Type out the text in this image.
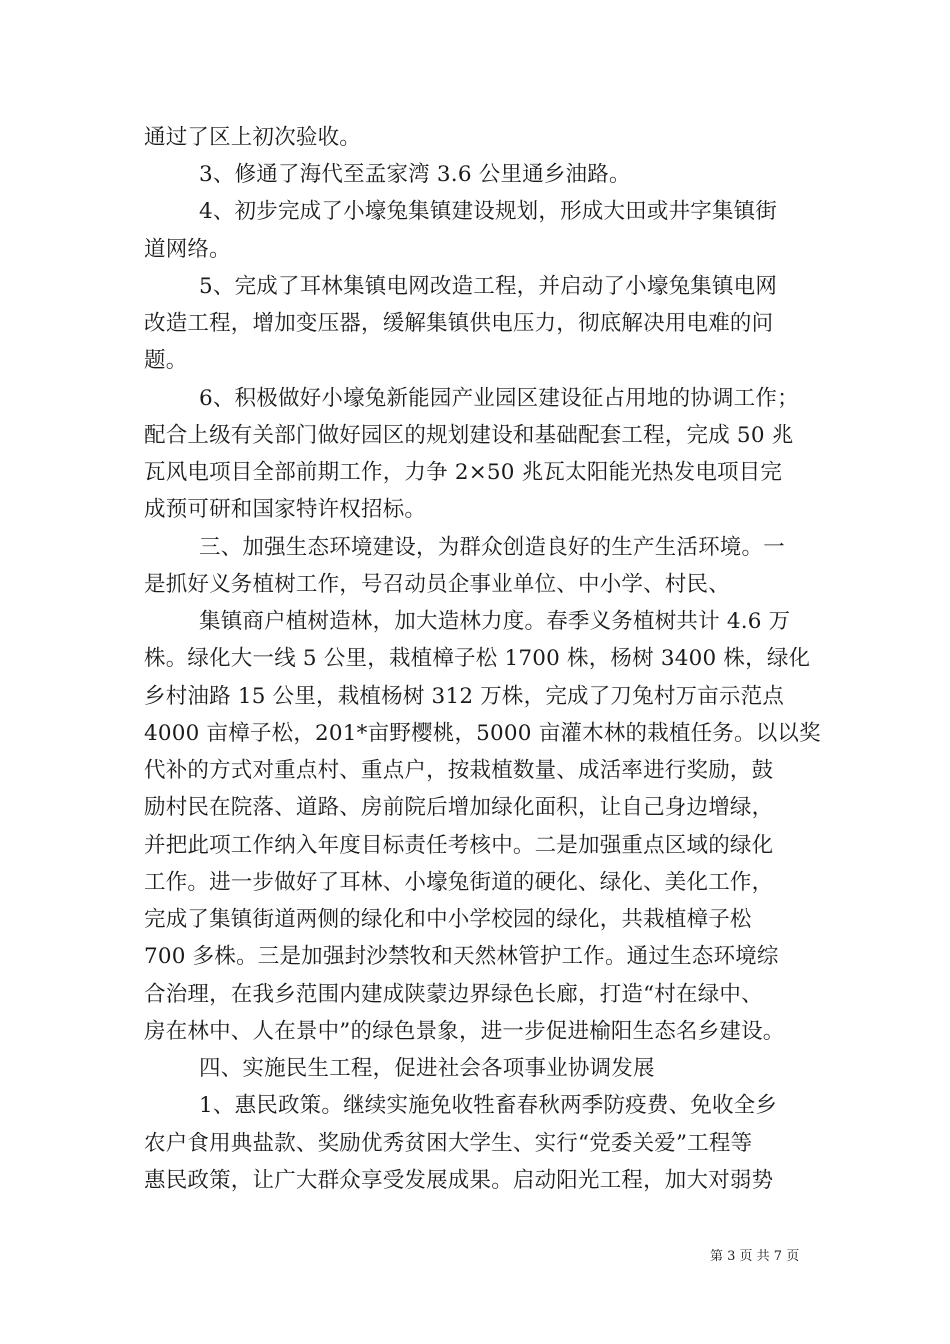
通过了区上初次验收。
3、修通了海代至孟家湾 3.6 公里通乡油路。
4、初步完成了小壕兔集镇建设规划，形成大田或井字集镇街
道网络。
5、完成了耳林集镇电网改造工程，并启动了小壕兔集镇电网
改造工程，增加变压器，缓解集镇供电压力，彻底解决用电难的问
题。
6、积极做好小壕兔新能园产业园区建设征占用地的协调工作；
配合上级有关部门做好园区的规划建设和基础配套工程，完成 50 兆
瓦风电项目全部前期工作，力争 2×50 兆瓦太阳能光热发电项目完
成预可研和国家特许权招标。
三、加强生态环境建设，为群众创造良好的生产生活环境。一
是抓好义务植树工作，号召动员企事业单位、中小学、村民、
集镇商户植树造林，加大造林力度。春季义务植树共计 4.6 万
株。绿化大一线 5 公里，栽植樟子松 1700 株，杨树 3400 株，绿化
乡村油路 15 公里，栽植杨树 312 万株，完成了刀兔村万亩示范点
4000 亩樟子松，201*亩野樱桃，5000 亩灌木林的栽植任务。以以奖
代补的方式对重点村、重点户，按栽植数量、成活率进行奖励，鼓
励村民在院落、道路、房前院后增加绿化面积，让自己身边增绿，
并把此项工作纳入年度目标责任考核中。二是加强重点区域的绿化
工作。进一步做好了耳林、小壕兔街道的硬化、绿化、美化工作，
完成了集镇街道两侧的绿化和中小学校园的绿化，共栽植樟子松
700 多株。三是加强封沙禁牧和天然林管护工作。通过生态环境综
合治理，在我乡范围内建成陕蒙边界绿色长廊，打造“村在绿中、
房在林中、人在景中”的绿色景象，进一步促进榆阳生态名乡建设。
四、实施民生工程，促进社会各项事业协调发展
1、惠民政策。继续实施免收牲畜春秋两季防疫费、免收全乡
农户食用典盐款、奖励优秀贫困大学生、实行“党委关爱”工程等
惠民政策，让广大群众享受发展成果。启动阳光工程，加大对弱势
第 3 页 共 7 页
